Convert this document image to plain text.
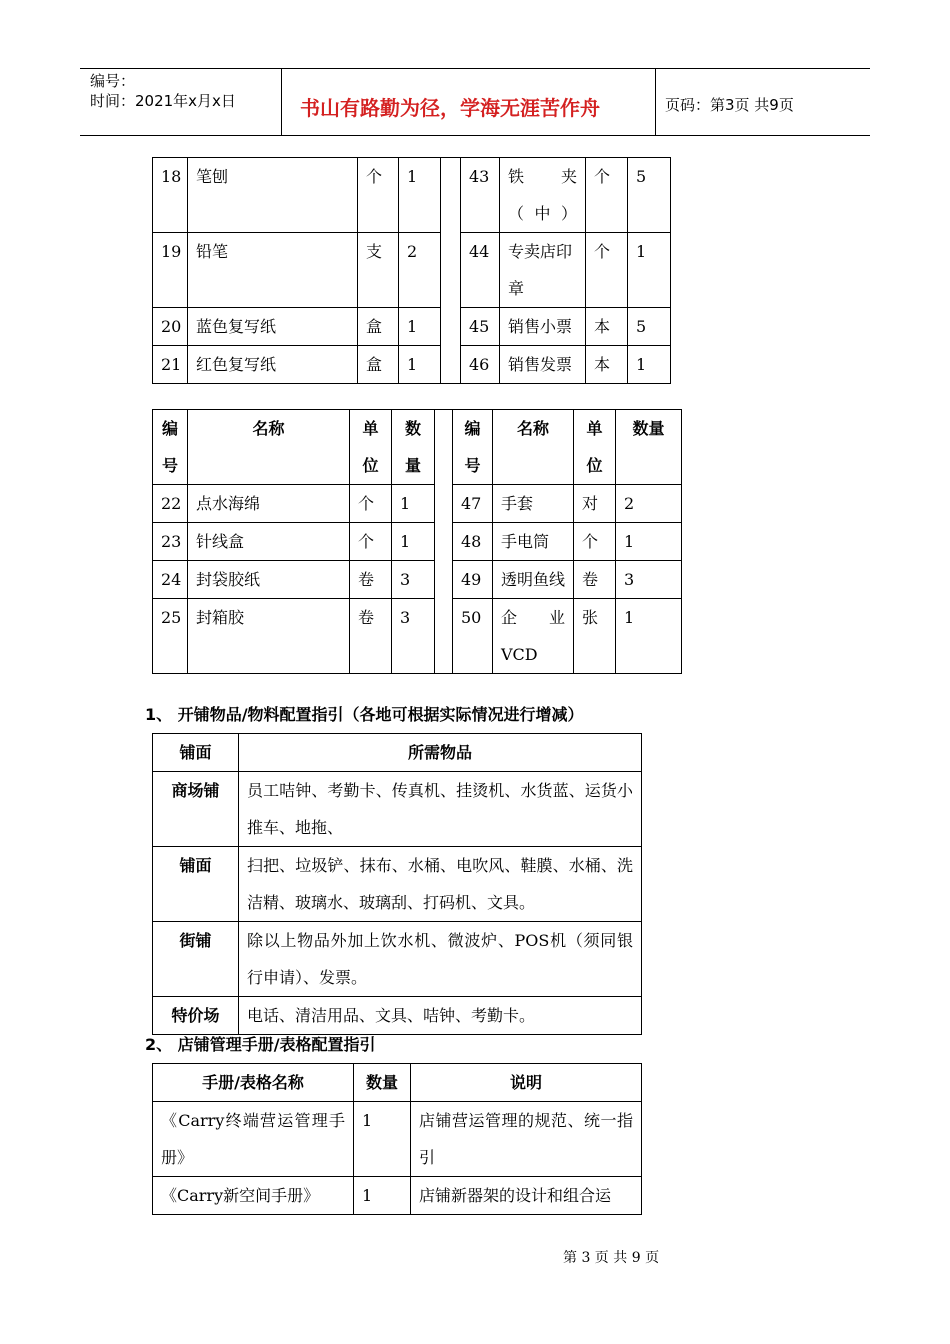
编号：
时间：2021年x月x日	书山有路勤为径，学海无涯苦作舟	页码：第3页 共9页
18	笔刨	个	1		43	铁夹（中）	个	5
19	铅笔	支	2		44	专卖店印章	个	1
20	蓝色复写纸	盒	1		45	销售小票	本	5
21	红色复写纸	盒	1		46	销售发票	本	1
编号	名称	单位	数量		编号	名称	单位	数量
22	点水海绵	个	1		47	手套	对	2
23	针线盒	个	1		48	手电筒	个	1
24	封袋胶纸	卷	3		49	透明鱼线	卷	3
25	封箱胶	卷	3		50	企业VCD	张	1
1、 开铺物品/物料配置指引（各地可根据实际情况进行增减）
铺面	所需物品
商场铺	员工咭钟、考勤卡、传真机、挂烫机、水货蓝、运货小推车、地拖、
铺面	扫把、垃圾铲、抹布、水桶、电吹风、鞋膜、水桶、洗洁精、玻璃水、玻璃刮、打码机、文具。
街铺	除以上物品外加上饮水机、微波炉、POS机（须同银行申请）、发票。
特价场	电话、清洁用品、文具、咭钟、考勤卡。
2、 店铺管理手册/表格配置指引
手册/表格名称	数量	说明
《Carry终端营运管理手册》	1	店铺营运管理的规范、统一指引
《Carry新空间手册》	1	店铺新器架的设计和组合运
第 3 页 共 9 页
